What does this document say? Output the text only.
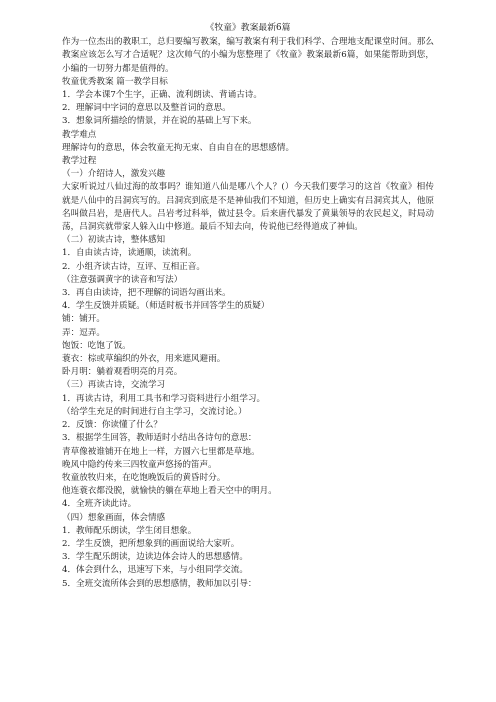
《牧童》教案最新6篇

作为一位杰出的教职工，总归要编写教案，编写教案有利于我们科学、合理地支配课堂时间。那么教案应该怎么写才合适呢？这次帅气的小编为您整理了《牧童》教案最新6篇，如果能帮助到您，小编的一切努力都是值得的。

牧童优秀教案 篇一教学目标
1．学会本课7个生字，正确、流利朗读、背诵古诗。
2．理解词中字词的意思以及整首词的意思。
3．想象词所描绘的情景，并在说的基础上写下来。
教学难点
理解诗句的意思，体会牧童无拘无束、自由自在的思想感情。
教学过程
（一）介绍诗人，激发兴趣

大家听说过八仙过海的故事吗？谁知道八仙是哪八个人？(）今天我们要学习的这首《牧童》相传就是八仙中的吕洞宾写的。吕洞宾到底是不是神仙我们不知道，但历史上确实有吕洞宾其人，他原名叫做吕岩，是唐代人。吕岩考过科举，做过县令。后来唐代暴发了黄巢领导的农民起义，时局动荡，吕洞宾就带家人躲入山中修道。最后不知去向，传说他已经得道成了神仙。

（二）初读古诗，整体感知
1．自由读古诗，读通顺，读流利。
2．小组齐读古诗，互评、互相正音。
（注意强调黄字的读音和写法）
3．再自由读诗，把不理解的词语勾画出来。
4．学生反馈并质疑。（师适时板书并回答学生的质疑）
铺：铺开。
弄：逗弄。
饱饭：吃饱了饭。
蓑衣：棕或草编织的外衣，用来遮风避雨。
卧月明：躺着观看明亮的月亮。
（三）再读古诗，交流学习
1．再读古诗，利用工具书和学习资料进行小组学习。
（给学生充足的时间进行自主学习，交流讨论。）
2．反馈：你读懂了什么？
3．根据学生回答，教师适时小结出各诗句的意思：
青草像被谁铺开在地上一样，方圆六七里都是草地。
晚风中隐约传来三四牧童声悠扬的笛声。
牧童放牧归来，在吃饱晚饭后的黄昏时分。
他连蓑衣都没脱，就愉快的躺在草地上看天空中的明月。
4．全班齐读此诗。
（四）想象画面，体会情感
1．教师配乐朗读，学生闭目想象。
2．学生反馈，把所想象到的画面说给大家听。
3．学生配乐朗读，边读边体会诗人的思想感情。
4．体会到什么，迅速写下来，与小组同学交流。
5．全班交流所体会到的思想感情，教师加以引导：
